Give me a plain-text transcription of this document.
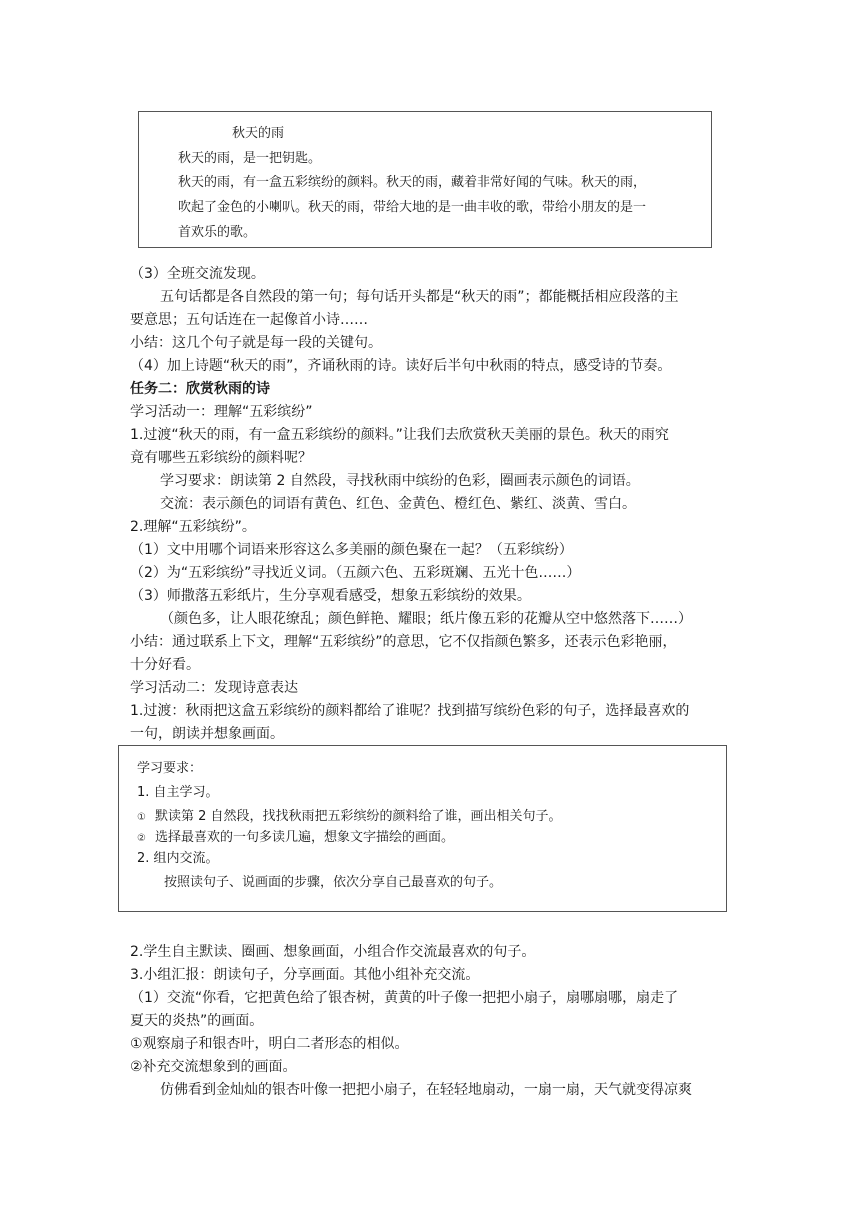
秋天的雨
秋天的雨，是一把钥匙。
秋天的雨，有一盒五彩缤纷的颜料。秋天的雨，藏着非常好闻的气味。秋天的雨，
吹起了金色的小喇叭。秋天的雨，带给大地的是一曲丰收的歌，带给小朋友的是一
首欢乐的歌。
（3）全班交流发现。
五句话都是各自然段的第一句；每句话开头都是“秋天的雨”；都能概括相应段落的主
要意思；五句话连在一起像首小诗……
小结：这几个句子就是每一段的关键句。
（4）加上诗题“秋天的雨”，齐诵秋雨的诗。读好后半句中秋雨的特点，感受诗的节奏。
任务二：欣赏秋雨的诗
学习活动一：理解“五彩缤纷”
1.过渡“秋天的雨，有一盒五彩缤纷的颜料。”让我们去欣赏秋天美丽的景色。秋天的雨究
竟有哪些五彩缤纷的颜料呢？
学习要求：朗读第 2 自然段，寻找秋雨中缤纷的色彩，圈画表示颜色的词语。
交流：表示颜色的词语有黄色、红色、金黄色、橙红色、紫红、淡黄、雪白。
2.理解“五彩缤纷”。
（1）文中用哪个词语来形容这么多美丽的颜色聚在一起？（五彩缤纷）
（2）为“五彩缤纷”寻找近义词。（五颜六色、五彩斑斓、五光十色……）
（3）师撒落五彩纸片，生分享观看感受，想象五彩缤纷的效果。
（颜色多，让人眼花缭乱；颜色鲜艳、耀眼；纸片像五彩的花瓣从空中悠然落下……）
小结：通过联系上下文，理解“五彩缤纷”的意思，它不仅指颜色繁多，还表示色彩艳丽，
十分好看。
学习活动二：发现诗意表达
1.过渡：秋雨把这盒五彩缤纷的颜料都给了谁呢？找到描写缤纷色彩的句子，选择最喜欢的
一句，朗读并想象画面。
学习要求：
1. 自主学习。
① 默读第 2 自然段，找找秋雨把五彩缤纷的颜料给了谁，画出相关句子。
② 选择最喜欢的一句多读几遍，想象文字描绘的画面。
2. 组内交流。
按照读句子、说画面的步骤，依次分享自己最喜欢的句子。
2.学生自主默读、圈画、想象画面，小组合作交流最喜欢的句子。
3.小组汇报：朗读句子，分享画面。其他小组补充交流。
（1）交流“你看，它把黄色给了银杏树，黄黄的叶子像一把把小扇子，扇哪扇哪，扇走了
夏天的炎热”的画面。
①观察扇子和银杏叶，明白二者形态的相似。
②补充交流想象到的画面。
仿佛看到金灿灿的银杏叶像一把把小扇子，在轻轻地扇动，一扇一扇，天气就变得凉爽
